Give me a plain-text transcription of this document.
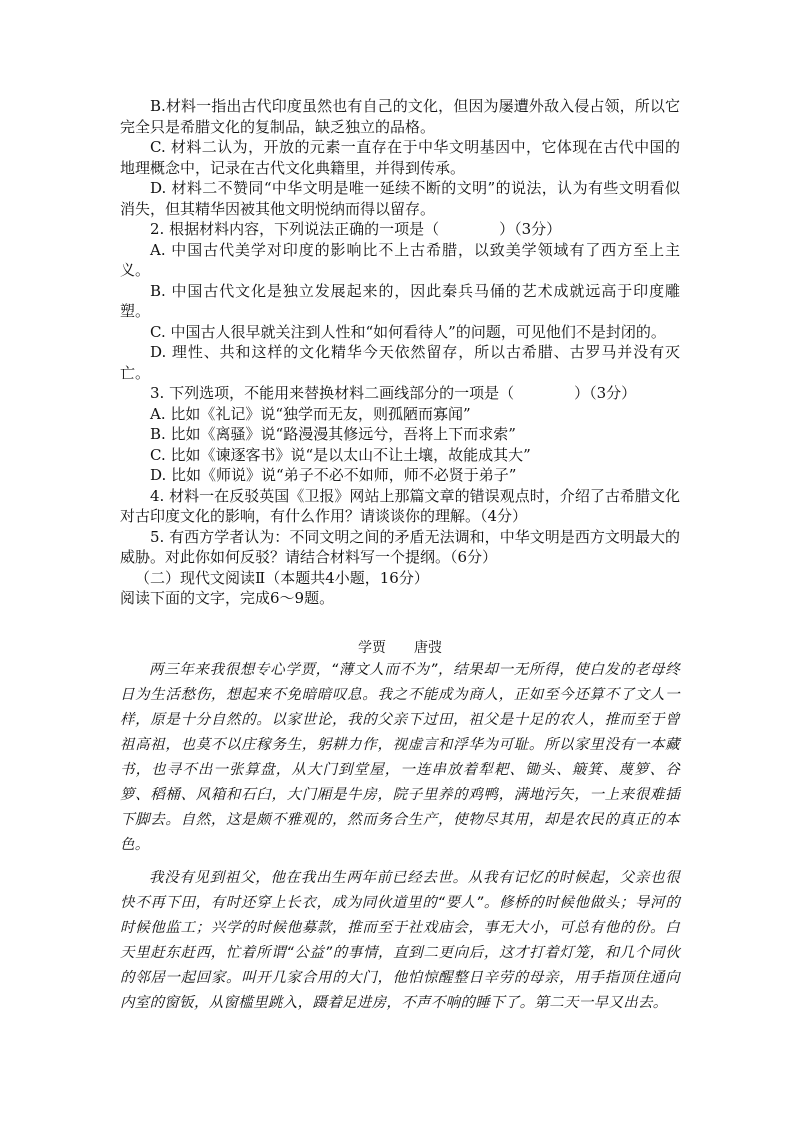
B.材料一指出古代印度虽然也有自己的文化，但因为屡遭外敌入侵占领，所以它完全只是希腊文化的复制品，缺乏独立的品格。

C. 材料二认为，开放的元素一直存在于中华文明基因中，它体现在古代中国的地理概念中，记录在古代文化典籍里，并得到传承。

D. 材料二不赞同“中华文明是唯一延续不断的文明”的说法，认为有些文明看似消失，但其精华因被其他文明悦纳而得以留存。

2. 根据材料内容，下列说法正确的一项是（　　　　）（3分）

A. 中国古代美学对印度的影响比不上古希腊，以致美学领域有了西方至上主义。

B. 中国古代文化是独立发展起来的，因此秦兵马俑的艺术成就远高于印度雕塑。

C. 中国古人很早就关注到人性和“如何看待人”的问题，可见他们不是封闭的。

D. 理性、共和这样的文化精华今天依然留存，所以古希腊、古罗马并没有灭亡。

3. 下列选项，不能用来替换材料二画线部分的一项是（　　　　）（3分）

A. 比如《礼记》说“独学而无友，则孤陋而寡闻”

B. 比如《离骚》说“路漫漫其修远兮，吾将上下而求索”

C. 比如《谏逐客书》说“是以太山不让土壤，故能成其大”

D. 比如《师说》说“弟子不必不如师，师不必贤于弟子”

4. 材料一在反驳英国《卫报》网站上那篇文章的错误观点时，介绍了古希腊文化对古印度文化的影响，有什么作用？请谈谈你的理解。（4分）

5. 有西方学者认为：不同文明之间的矛盾无法调和，中华文明是西方文明最大的威胁。对此你如何反驳？请结合材料写一个提纲。（6分）

（二）现代文阅读Ⅱ（本题共4小题，16分）

阅读下面的文字，完成6～9题。

学贾　　唐弢

两三年来我很想专心学贾，“薄文人而不为”，结果却一无所得，使白发的老母终日为生活愁伤，想起来不免暗暗叹息。我之不能成为商人，正如至今还算不了文人一样，原是十分自然的。以家世论，我的父亲下过田，祖父是十足的农人，推而至于曾祖高祖，也莫不以庄稼务生，躬耕力作，视虚言和浮华为可耻。所以家里没有一本藏书，也寻不出一张算盘，从大门到堂屋，一连串放着犁耙、锄头、簸箕、蔑箩、谷箩、稻桶、风箱和石臼，大门厢是牛房，院子里养的鸡鸭，满地污矢，一上来很难插下脚去。自然，这是颇不雅观的，然而务合生产，使物尽其用，却是农民的真正的本色。

我没有见到祖父，他在我出生两年前已经去世。从我有记忆的时候起，父亲也很快不再下田，有时还穿上长衣，成为同伙道里的“要人”。修桥的时候他做头；导河的时候他监工；兴学的时候他募款，推而至于社戏庙会，事无大小，可总有他的份。白天里赶东赶西，忙着所谓“公益”的事情，直到二更向后，这才打着灯笼，和几个同伙的邻居一起回家。叫开几家合用的大门，他怕惊醒整日辛劳的母亲，用手指顶住通向内室的窗钣，从窗槛里跳入，蹑着足进房，不声不响的睡下了。第二天一早又出去。
